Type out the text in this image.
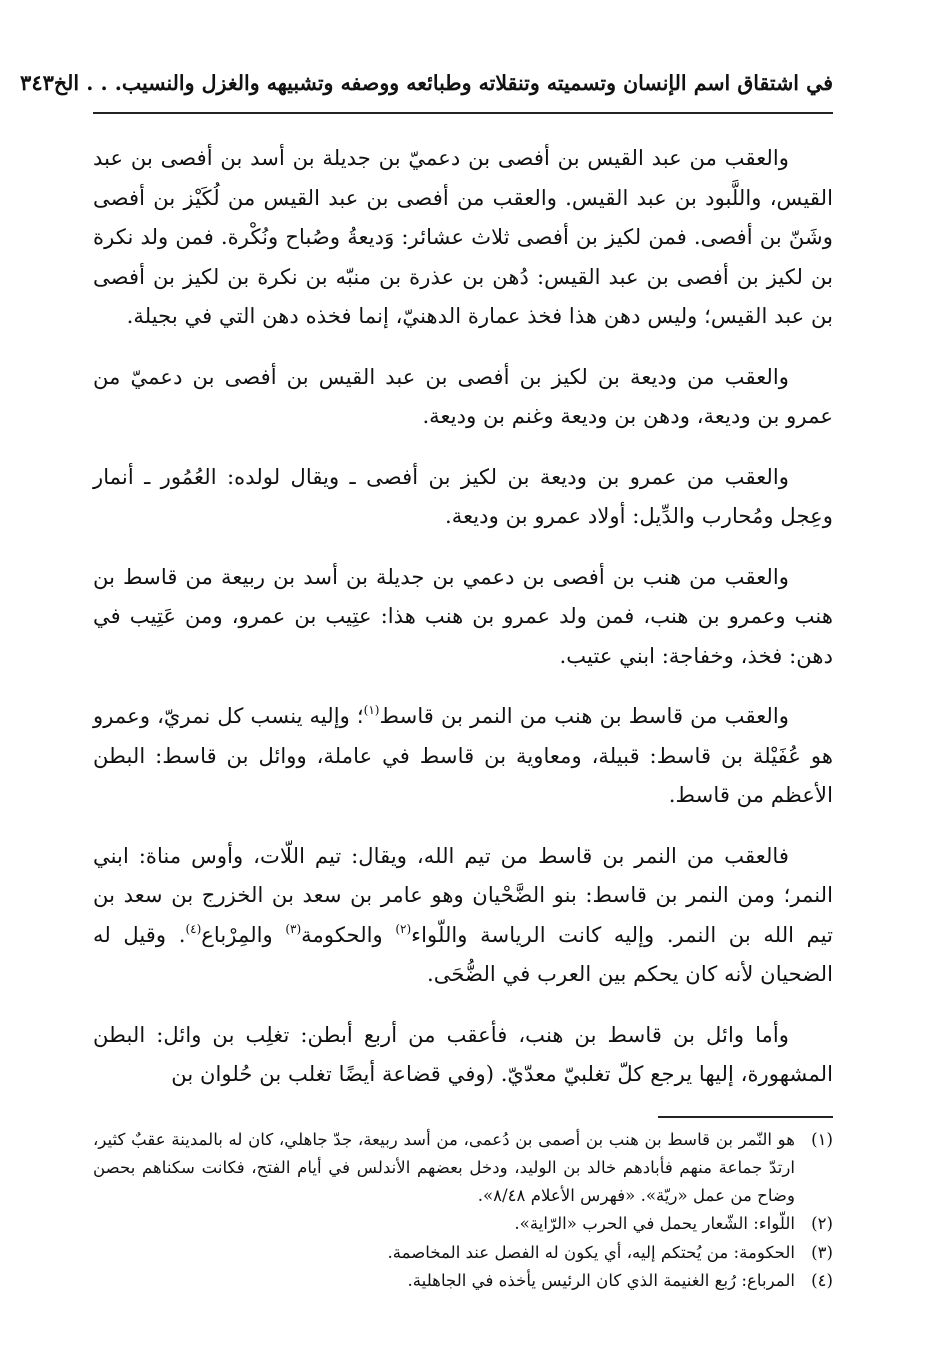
في اشتقاق اسم الإنسان وتسميته وتنقلاته وطبائعه ووصفه وتشبيهه والغزل والنسيب. . . الخ
٣٤٣

والعقب من عبد القيس بن أفصى بن دعميّ بن جديلة بن أسد بن أفصى بن عبد القيس، واللَّبود بن عبد القيس. والعقب من أفصى بن عبد القيس من لُكَيْز بن أفصى وشَنّ بن أفصى. فمن لكيز بن أفصى ثلاث عشائر: وَديعةُ وصُباح ونُكْرة. فمن ولد نكرة بن لكيز بن أفصى بن عبد القيس: دُهن بن عذرة بن منبّه بن نكرة بن لكيز بن أفصى بن عبد القيس؛ وليس دهن هذا فخذ عمارة الدهنيّ، إنما فخذه دهن التي في بجيلة.

والعقب من وديعة بن لكيز بن أفصى بن عبد القيس بن أفصى بن دعميّ من عمرو بن وديعة، ودهن بن وديعة وغنم بن وديعة.

والعقب من عمرو بن وديعة بن لكيز بن أفصى ـ ويقال لولده: العُمُور ـ أنمار وعِجل ومُحارب والدِّيل: أولاد عمرو بن وديعة.

والعقب من هنب بن أفصى بن دعمي بن جديلة بن أسد بن ربيعة من قاسط بن هنب وعمرو بن هنب، فمن ولد عمرو بن هنب هذا: عتِيب بن عمرو، ومن عَتِيب في دهن: فخذ، وخفاجة: ابني عتيب.

والعقب من قاسط بن هنب من النمر بن قاسط$^{(١)}$؛ وإليه ينسب كل نمريّ، وعمرو هو عُفَيْلة بن قاسط: قبيلة، ومعاوية بن قاسط في عاملة، ووائل بن قاسط: البطن الأعظم من قاسط.

فالعقب من النمر بن قاسط من تيم الله، ويقال: تيم اللّات، وأوس مناة: ابني النمر؛ ومن النمر بن قاسط: بنو الضَّحْيان وهو عامر بن سعد بن الخزرج بن سعد بن تيم الله بن النمر. وإليه كانت الرياسة واللّواء$^{(٢)}$ والحكومة$^{(٣)}$ والمِرْباع$^{(٤)}$. وقيل له الضحيان لأنه كان يحكم بين العرب في الضُّحَى.

وأما وائل بن قاسط بن هنب، فأعقب من أربع أبطن: تغلِب بن وائل: البطن المشهورة، إليها يرجع كلّ تغلبيّ معدّيّ. (وفي قضاعة أيضًا تغلب بن حُلوان بن

(١)
هو النّمر بن قاسط بن هنب بن أصمى بن دُعمى، من أسد ربيعة، جدّ جاهلي، كان له بالمدينة عقبٌ كثير، ارتدّ جماعة منهم فأبادهم خالد بن الوليد، ودخل بعضهم الأندلس في أيام الفتح، فكانت سكناهم بحصن وضاح من عمل «ريّة». «فهرس الأعلام ٨/٤٨».
(٢)
اللّواء: الشّعار يحمل في الحرب «الرّاية».
(٣)
الحكومة: من يُحتكم إليه، أي يكون له الفصل عند المخاصمة.
(٤)
المرباع: رُبع الغنيمة الذي كان الرئيس يأخذه في الجاهلية.
